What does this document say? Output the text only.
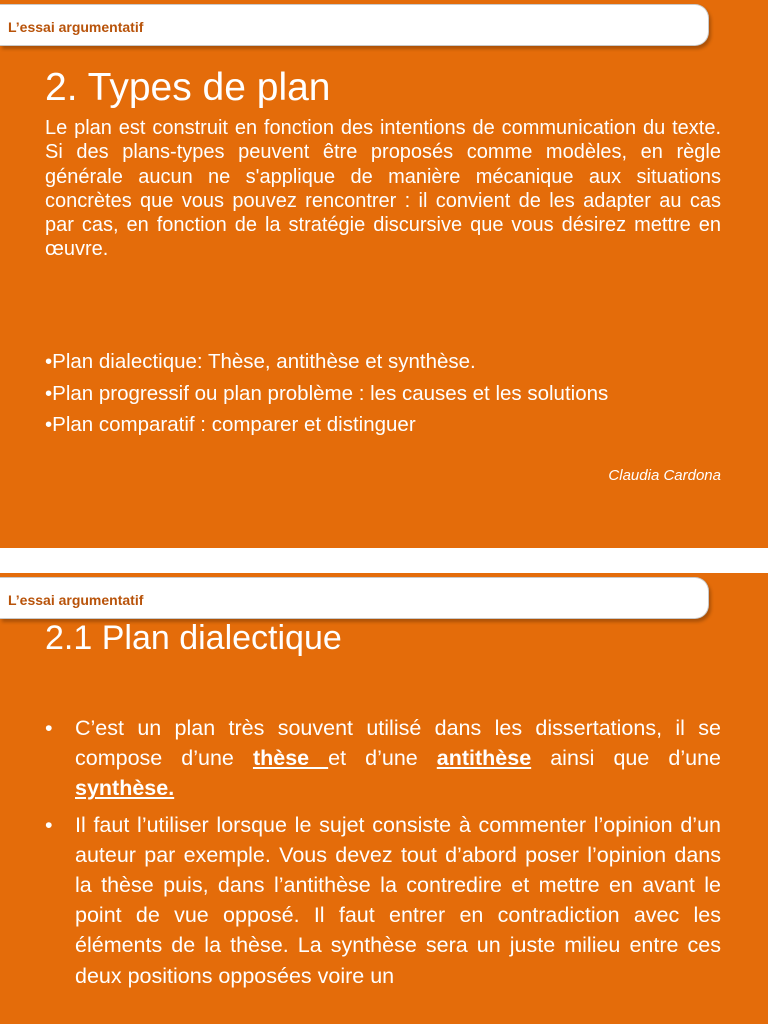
L’essai argumentatif
2. Types de plan

Le plan est construit en fonction des intentions de communication du texte. Si des plans-types peuvent être proposés comme modèles, en règle générale aucun ne s'applique de manière mécanique aux situations concrètes que vous pouvez rencontrer : il convient de les adapter au cas par cas, en fonction de la stratégie discursive que vous désirez mettre en œuvre.

•Plan dialectique: Thèse, antithèse et synthèse.
•Plan progressif ou plan problème : les causes et les solutions
•Plan comparatif : comparer et distinguer
Claudia Cardona
L’essai argumentatif
2.1 Plan dialectique
• C’est un plan très souvent utilisé dans les dissertations, il se compose d’une thèse et d’une antithèse ainsi que d’une synthèse.
• Il faut l’utiliser lorsque le sujet consiste à commenter l’opinion d’un auteur par exemple. Vous devez tout d’abord poser l’opinion dans la thèse puis, dans l’antithèse la contredire et mettre en avant le point de vue opposé. Il faut entrer en contradiction avec les éléments de la thèse. La synthèse sera un juste milieu entre ces deux positions opposées voire un
